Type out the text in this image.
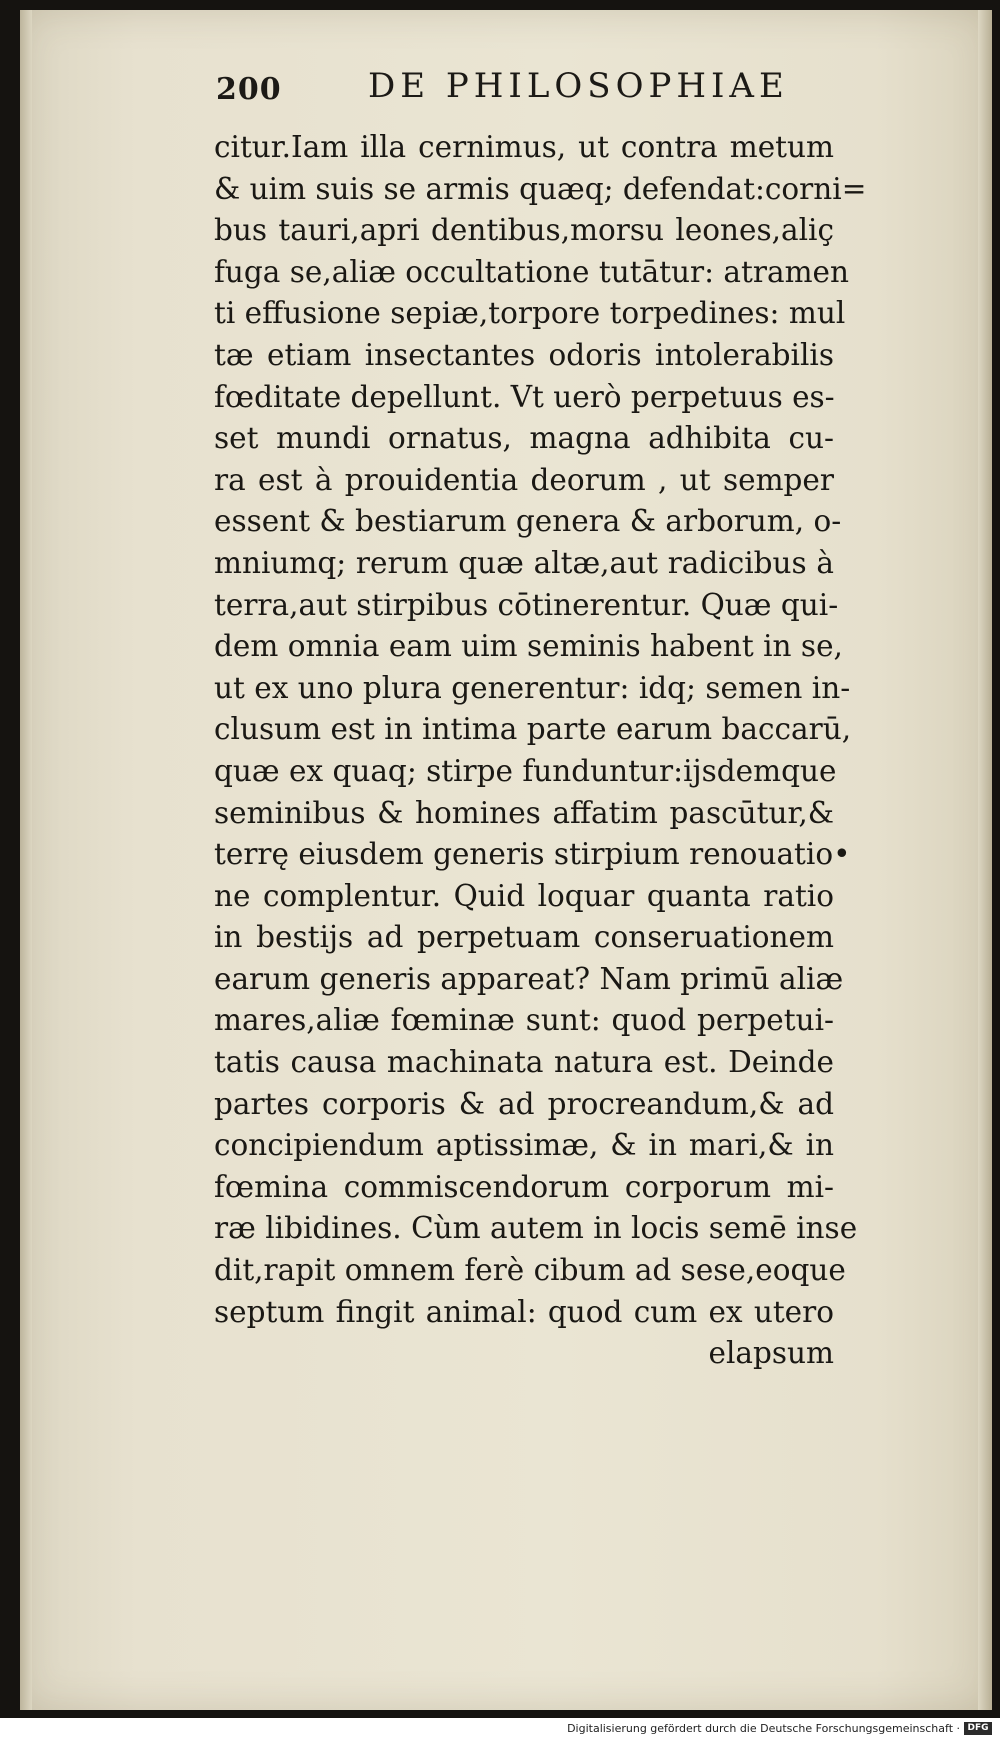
200	DE PHILOSOPHIAE
citur.Iam illa cernimus, ut contra metum
& uim suis se armis quæq; defendat:corni=
bus tauri,apri dentibus,morsu leones,aliç
fuga se,aliæ occultatione tutātur: atramen
ti effusione sepiæ,torpore torpedines: mul
tæ etiam insectantes odoris intolerabilis
fœditate depellunt. Vt uerò perpetuus es-
set mundi ornatus, magna adhibita cu-
ra est à prouidentia deorum , ut semper
essent & bestiarum genera & arborum, o-
mniumq; rerum quæ altæ,aut radicibus à
terra,aut stirpibus cōtinerentur. Quæ qui-
dem omnia eam uim seminis habent in se,
ut ex uno plura generentur: idq; semen in-
clusum est in intima parte earum baccarū,
quæ ex quaq; stirpe funduntur:ijsdemque
seminibus & homines affatim pascūtur,&
terrę eiusdem generis stirpium renouatio•
ne complentur. Quid loquar quanta ratio
in bestijs ad perpetuam conseruationem
earum generis appareat? Nam primū aliæ
mares,aliæ fœminæ sunt: quod perpetui-
tatis causa machinata natura est. Deinde
partes corporis & ad procreandum,& ad
concipiendum aptissimæ, & in mari,& in
fœmina commiscendorum corporum mi-
ræ libidines. Cùm autem in locis semē inse
dit,rapit omnem ferè cibum ad sese,eoque
septum fingit animal: quod cum ex utero
elapsum
Digitalisierung gefördert durch die Deutsche Forschungsgemeinschaft · DFG
